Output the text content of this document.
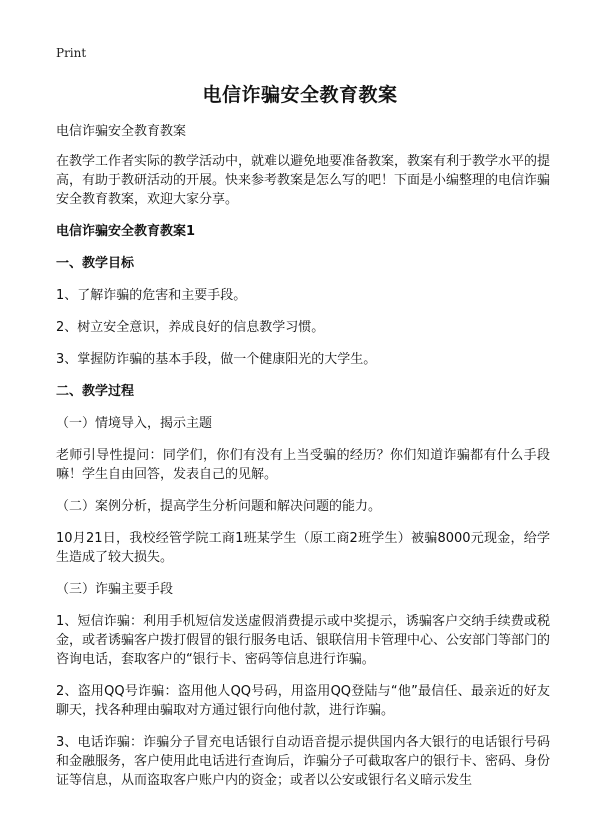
Print
电信诈骗安全教育教案

电信诈骗安全教育教案

在教学工作者实际的教学活动中，就难以避免地要准备教案，教案有利于教学水平的提高，有助于教研活动的开展。快来参考教案是怎么写的吧！下面是小编整理的电信诈骗安全教育教案，欢迎大家分享。

电信诈骗安全教育教案1
一、教学目标

1、了解诈骗的危害和主要手段。

2、树立安全意识，养成良好的信息教学习惯。

3、掌握防诈骗的基本手段，做一个健康阳光的大学生。

二、教学过程

（一）情境导入，揭示主题

老师引导性提问：同学们，你们有没有上当受骗的经历？你们知道诈骗都有什么手段嘛！学生自由回答，发表自己的见解。

（二）案例分析，提高学生分析问题和解决问题的能力。

10月21日，我校经管学院工商1班某学生（原工商2班学生）被骗8000元现金，给学生造成了较大损失。

（三）诈骗主要手段

1、短信诈骗：利用手机短信发送虚假消费提示或中奖提示，诱骗客户交纳手续费或税金，或者诱骗客户拨打假冒的银行服务电话、银联信用卡管理中心、公安部门等部门的咨询电话，套取客户的“银行卡、密码等信息进行诈骗。

2、盗用QQ号诈骗：盗用他人QQ号码，用盗用QQ登陆与“他”最信任、最亲近的好友聊天，找各种理由骗取对方通过银行向他付款，进行诈骗。

3、电话诈骗：诈骗分子冒充电话银行自动语音提示提供国内各大银行的电话银行号码和金融服务，客户使用此电话进行查询后，诈骗分子可截取客户的银行卡、密码、身份证等信息，从而盗取客户账户内的资金；或者以公安或银行名义暗示发生
